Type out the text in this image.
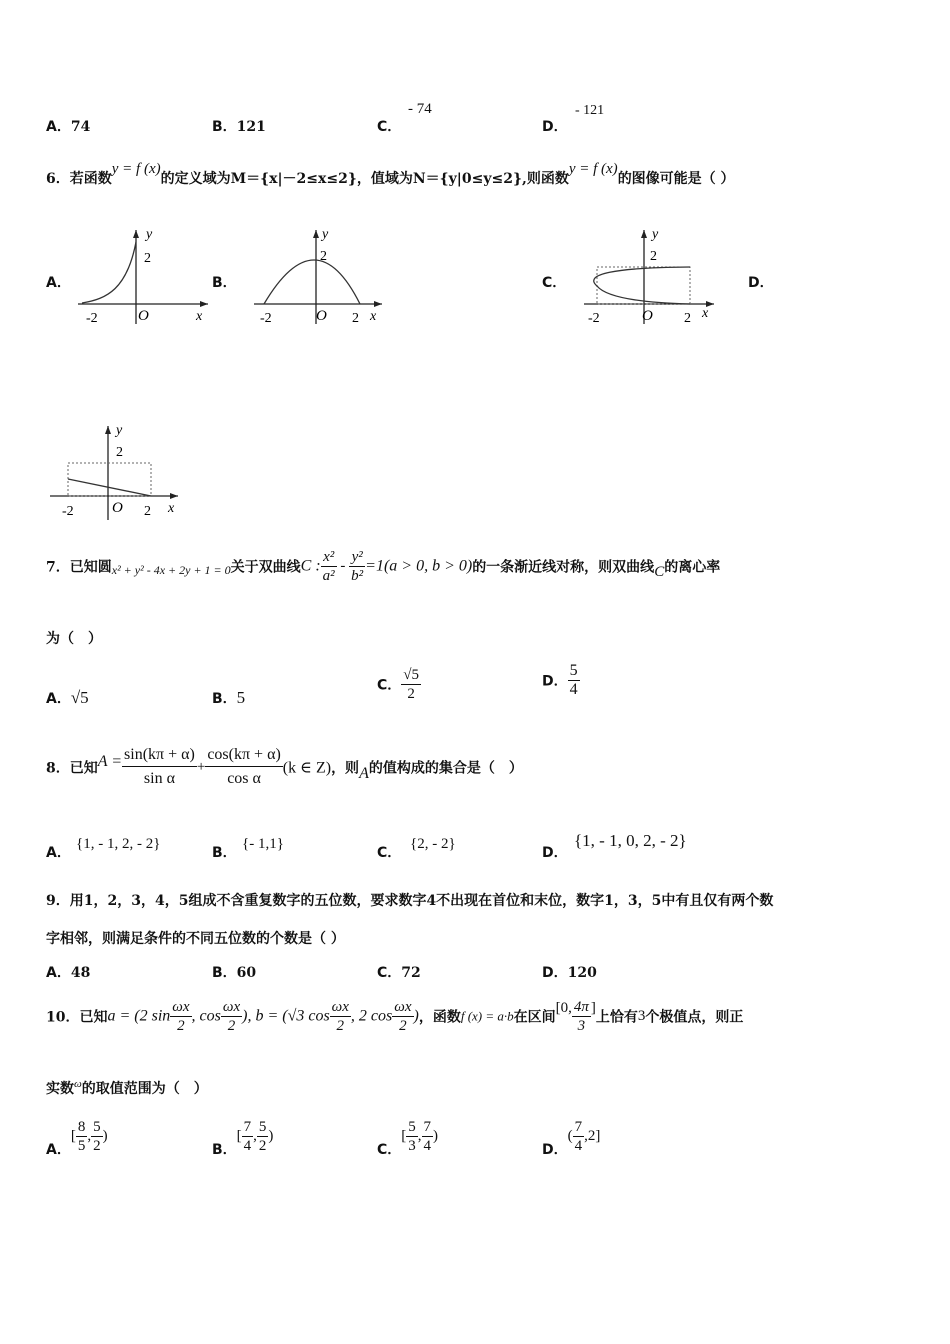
A．74	B．121	C．
- 74
D．
- 121
6．若函数y = f (x)的定义域为M＝{x|－2≤x≤2}，值域为N＝{y|0≤y≤2},则函数y = f (x)的图像可能是（ ）
A．	B．	C．	D．
y
2
-2	O	x
y
2
-2	O 2 x
y
2
-2	O 2 x
y
2
-2	O 2 x
7．已知圆$_{x^2 + y^2 - 4x + 2y + 1 = 0}$关于双曲线C : $\frac{\text{x²}}{\text{a²}} - \frac{\text{y²}}{\text{b²}} =1(a > 0$, b > 0)的一条渐近线对称，则双曲线C的离心率
为（　）
A．√5	B．5
C． $\frac{√5}{2}$	D． $\frac{5}{4}$
8．已知$A = \frac{\sin(k\pi + \alpha)}{\text{sin α}} + \frac{\cos(k\pi + \alpha)}{\text{cos α}} (k$ ∈ Z)，则A的值构成的集合是（　）
A．
{1, - 1, 2, - 2}
B．
{- 1,1}
C．
{2, - 2}
D．
{1, - 1, 0, 2, - 2}
9．用1，2，3，4，5组成不含重复数字的五位数，要求数字4不出现在首位和末位，数字1，3，5中有且仅有两个数
字相邻，则满足条件的不同五位数的个数是（ ）
A．48	B．60	C．72	D．120
10．已知a = (2 $\sin \frac{\omega x}{2}$ , $\cos \frac{\omega x}{2}$ ), b = (√3 $\cos \frac{\omega x}{2}$ , 2 $\cos \frac{\omega x}{2}$ )，函数f (x) = a·b在区间[0, $\frac{4\pi}{3}$ ]上恰有3个极值点，则正
实数$^\omega$的取值范围为（　）
A．[ $\frac{8}{5}$ , $\frac{5}{2}$ )
B．[ $\frac{7}{4}$ , $\frac{5}{2}$ )
C．[ $\frac{5}{3}$ , $\frac{7}{4}$ )
D．( $\frac{7}{4} ,2$]
